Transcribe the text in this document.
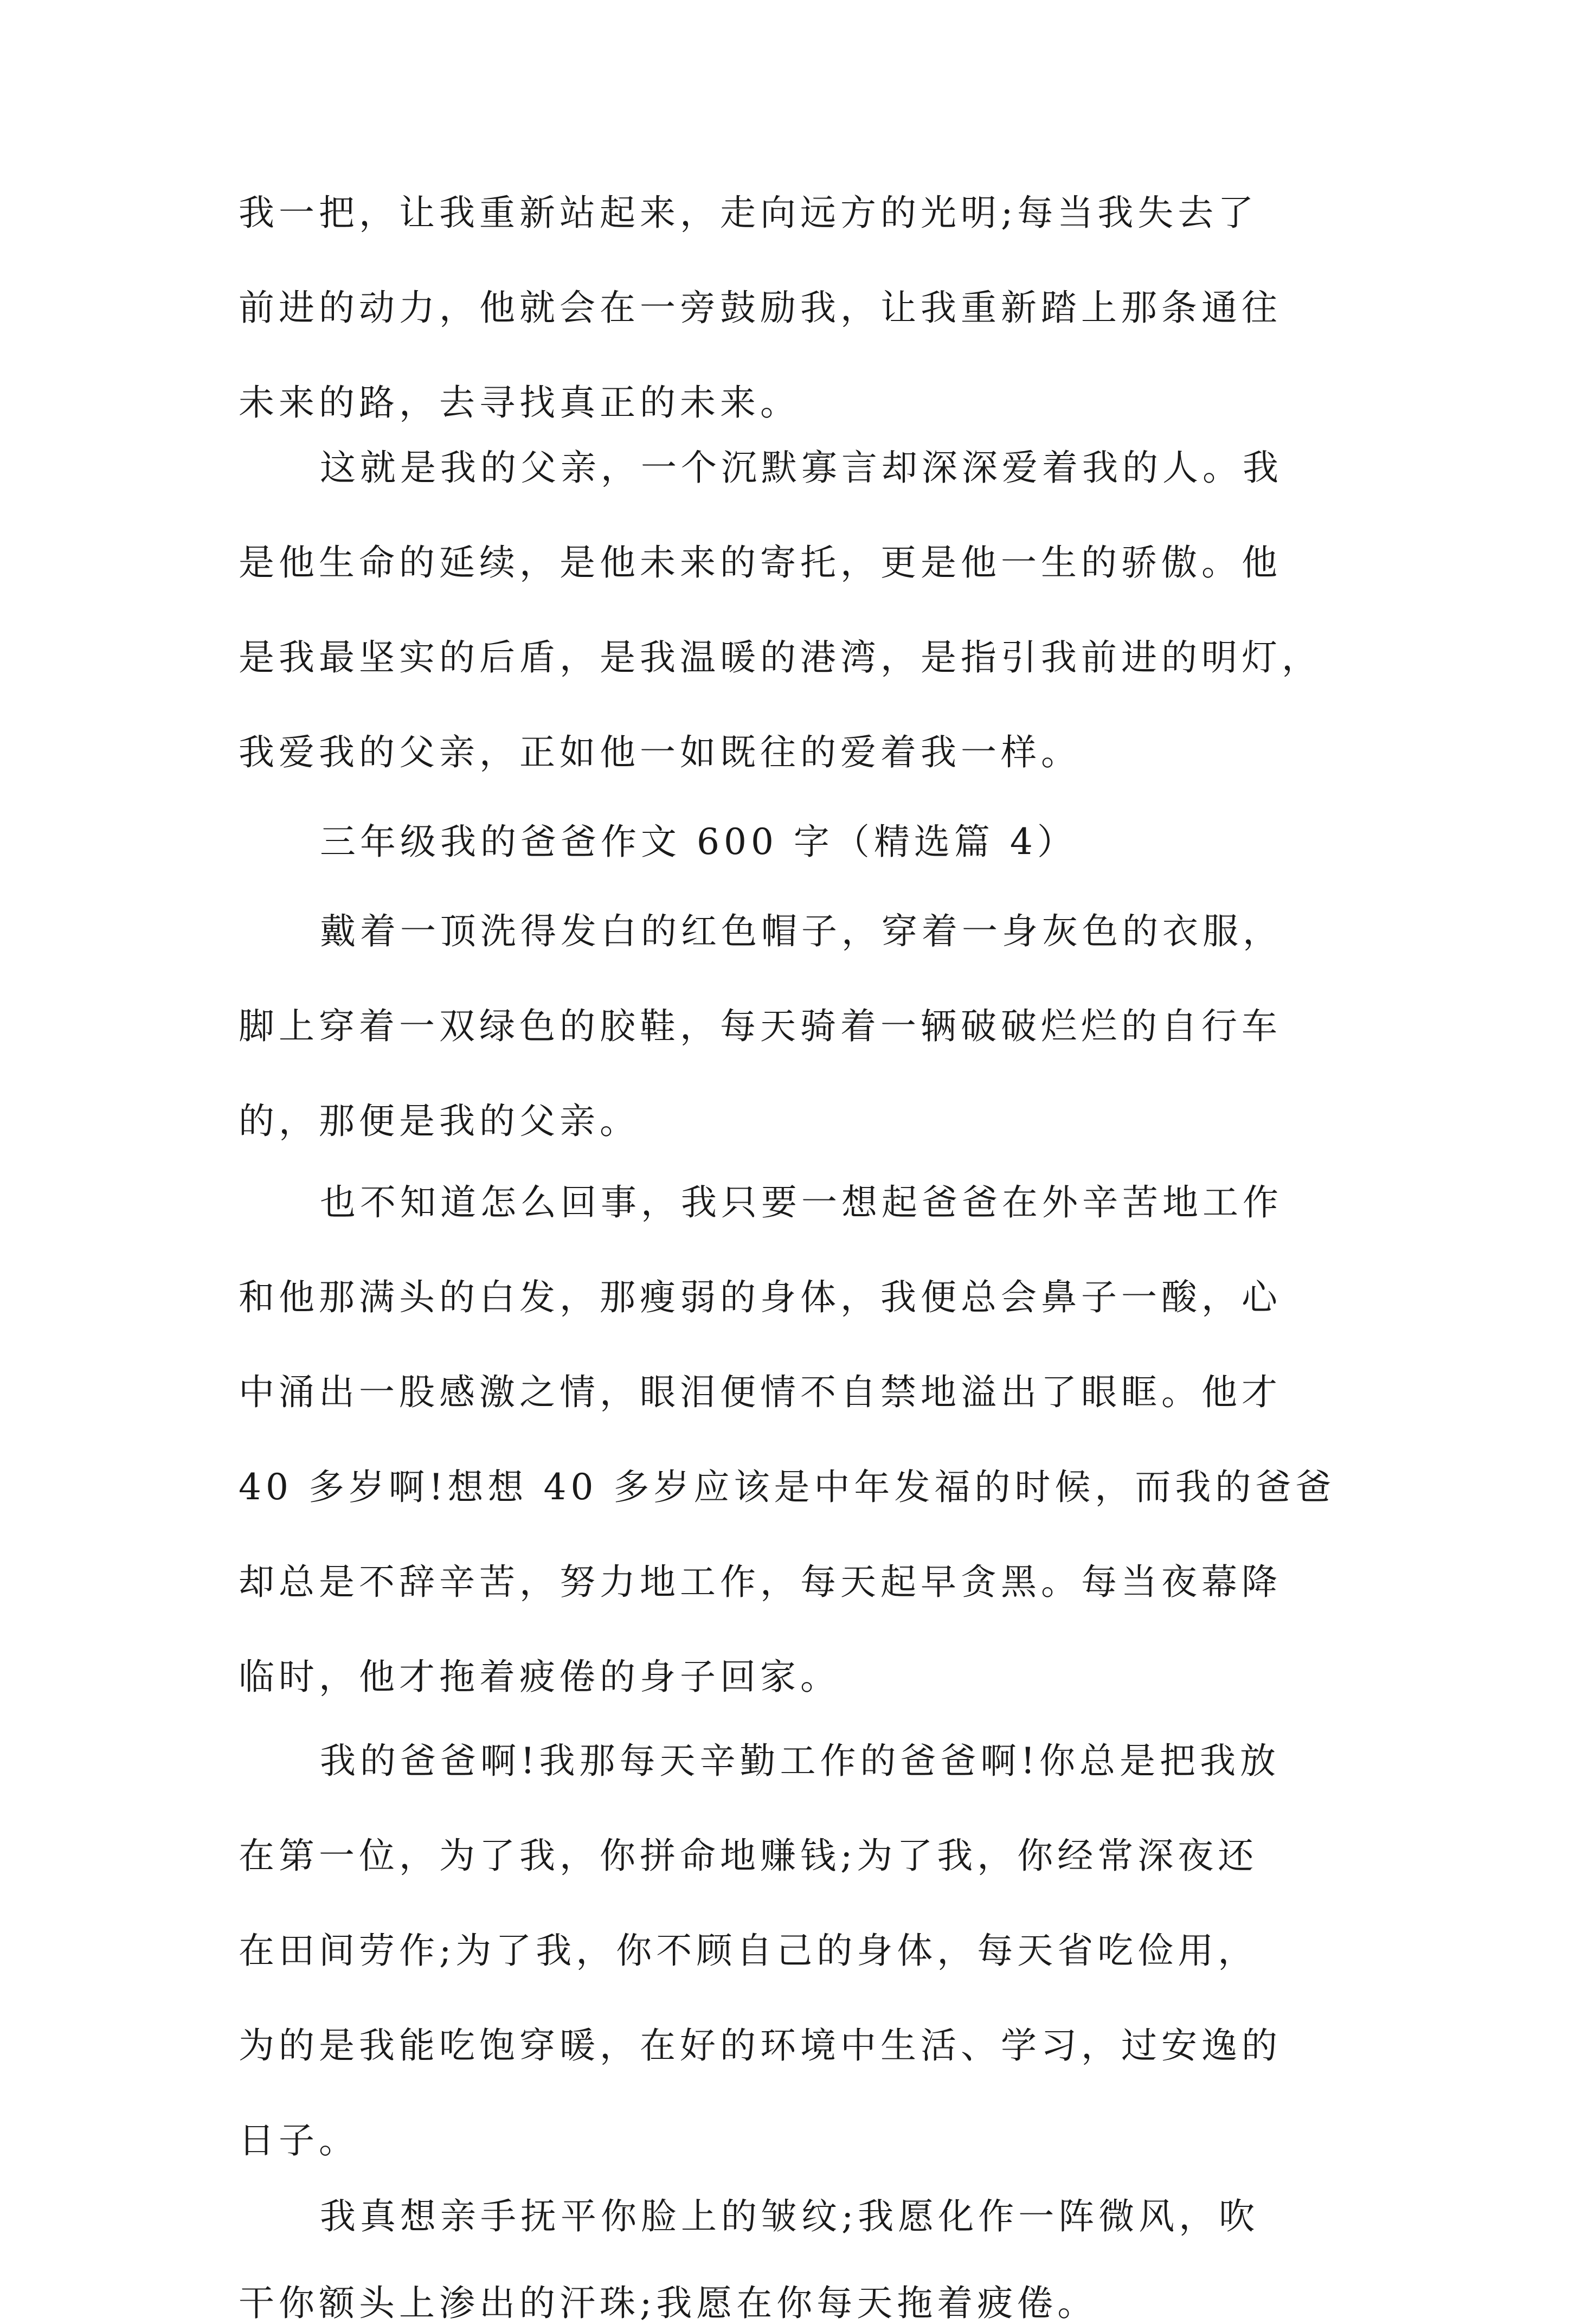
我一把，让我重新站起来，走向远方的光明;每当我失去了
前进的动力，他就会在一旁鼓励我，让我重新踏上那条通往
未来的路，去寻找真正的未来。
这就是我的父亲，一个沉默寡言却深深爱着我的人。我
是他生命的延续，是他未来的寄托，更是他一生的骄傲。他
是我最坚实的后盾，是我温暖的港湾，是指引我前进的明灯，
我爱我的父亲，正如他一如既往的爱着我一样。
三年级我的爸爸作文 600 字（精选篇 4）
戴着一顶洗得发白的红色帽子，穿着一身灰色的衣服，
脚上穿着一双绿色的胶鞋，每天骑着一辆破破烂烂的自行车
的，那便是我的父亲。
也不知道怎么回事，我只要一想起爸爸在外辛苦地工作
和他那满头的白发，那瘦弱的身体，我便总会鼻子一酸，心
中涌出一股感激之情，眼泪便情不自禁地溢出了眼眶。他才
40 多岁啊!想想 40 多岁应该是中年发福的时候，而我的爸爸
却总是不辞辛苦，努力地工作，每天起早贪黑。每当夜幕降
临时，他才拖着疲倦的身子回家。
我的爸爸啊!我那每天辛勤工作的爸爸啊!你总是把我放
在第一位，为了我，你拼命地赚钱;为了我，你经常深夜还
在田间劳作;为了我，你不顾自己的身体，每天省吃俭用，
为的是我能吃饱穿暖，在好的环境中生活、学习，过安逸的
日子。
我真想亲手抚平你脸上的皱纹;我愿化作一阵微风，吹
干你额头上渗出的汗珠;我愿在你每天拖着疲倦。
